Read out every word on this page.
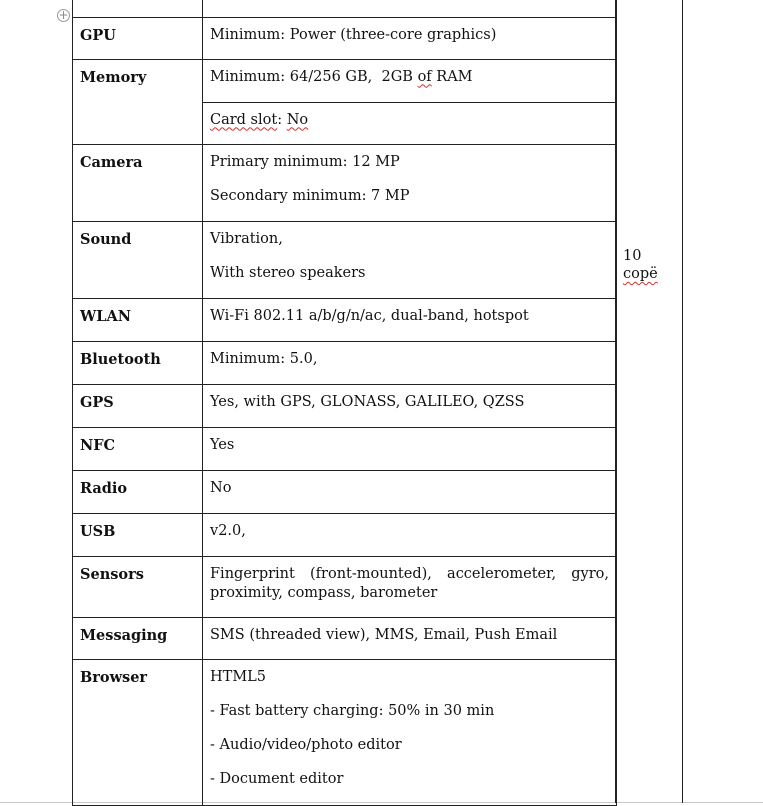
+

GPU	Minimum: Power (three-core graphics)

Memory	Minimum: 64/256 GB,  2GB of RAM

	Card slot: No

Camera	Primary minimum: 12 MP

Secondary minimum: 7 MP

Sound	Vibration,

With stereo speakers

WLAN	Wi-Fi 802.11 a/b/g/n/ac, dual-band, hotspot

Bluetooth	Minimum: 5.0,

GPS	Yes, with GPS, GLONASS, GALILEO, QZSS

NFC	Yes

Radio	No

USB	v2.0,

Sensors	Fingerprint (front-mounted), accelerometer, gyro, proximity, compass, barometer

Messaging	SMS (threaded view), MMS, Email, Push Email

Browser	HTML5

- Fast battery charging: 50% in 30 min

- Audio/video/photo editor

- Document editor

10
copё
